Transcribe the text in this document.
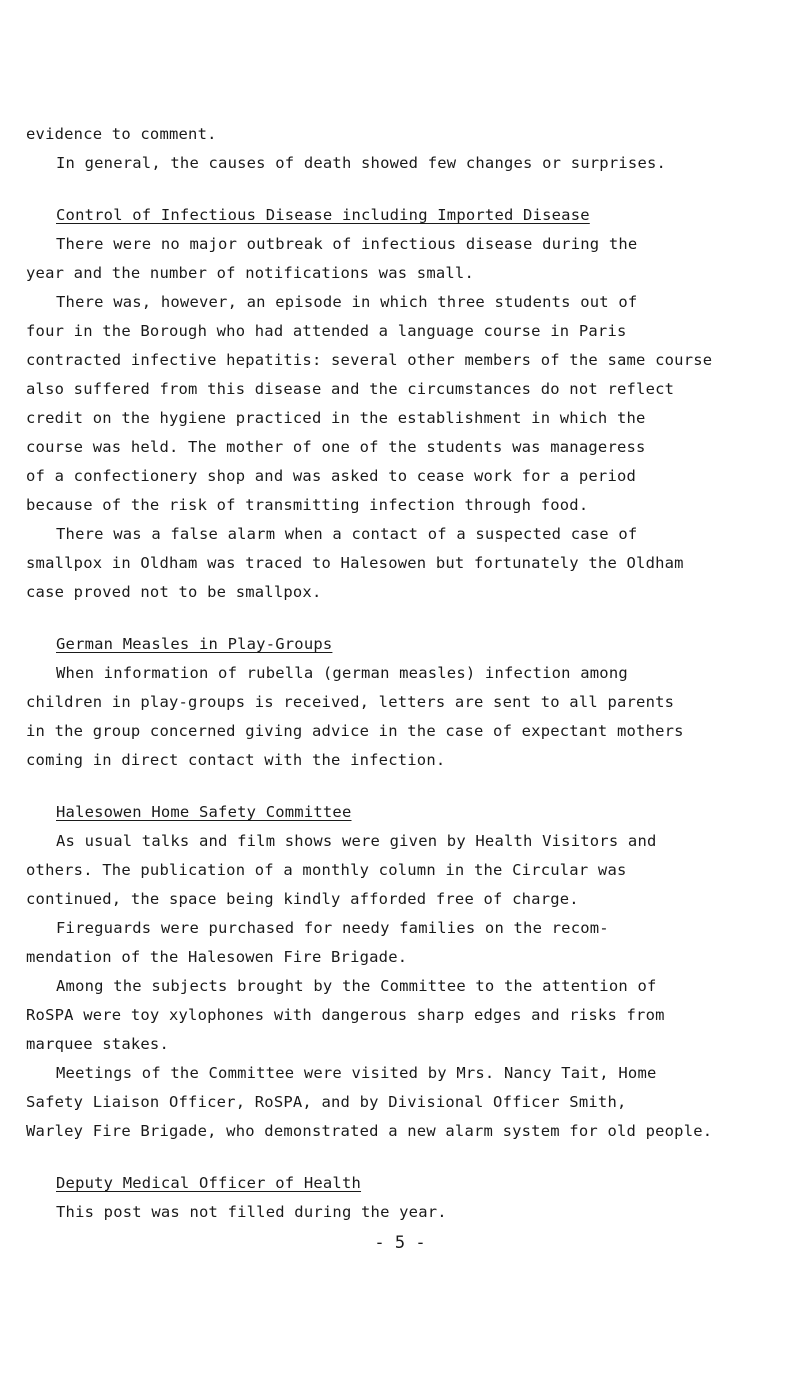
evidence to comment.
In general, the causes of death showed few changes or surprises.
Control of Infectious Disease including Imported Disease
There were no major outbreak of infectious disease during the
year and the number of notifications was small.
There was, however, an episode in which three students out of
four in the Borough who had attended a language course in Paris
contracted infective hepatitis: several other members of the same course
also suffered from this disease and the circumstances do not reflect
credit on the hygiene practiced in the establishment in which the
course was held. The mother of one of the students was manageress
of a confectionery shop and was asked to cease work for a period
because of the risk of transmitting infection through food.
There was a false alarm when a contact of a suspected case of
smallpox in Oldham was traced to Halesowen but fortunately the Oldham
case proved not to be smallpox.
German Measles in Play-Groups
When information of rubella (german measles) infection among
children in play-groups is received, letters are sent to all parents
in the group concerned giving advice in the case of expectant mothers
coming in direct contact with the infection.
Halesowen Home Safety Committee
As usual talks and film shows were given by Health Visitors and
others. The publication of a monthly column in the Circular was
continued, the space being kindly afforded free of charge.
Fireguards were purchased for needy families on the recom-
mendation of the Halesowen Fire Brigade.
Among the subjects brought by the Committee to the attention of
RoSPA were toy xylophones with dangerous sharp edges and risks from
marquee stakes.
Meetings of the Committee were visited by Mrs. Nancy Tait, Home
Safety Liaison Officer, RoSPA, and by Divisional Officer Smith,
Warley Fire Brigade, who demonstrated a new alarm system for old people.
Deputy Medical Officer of Health
This post was not filled during the year.
- 5 -
